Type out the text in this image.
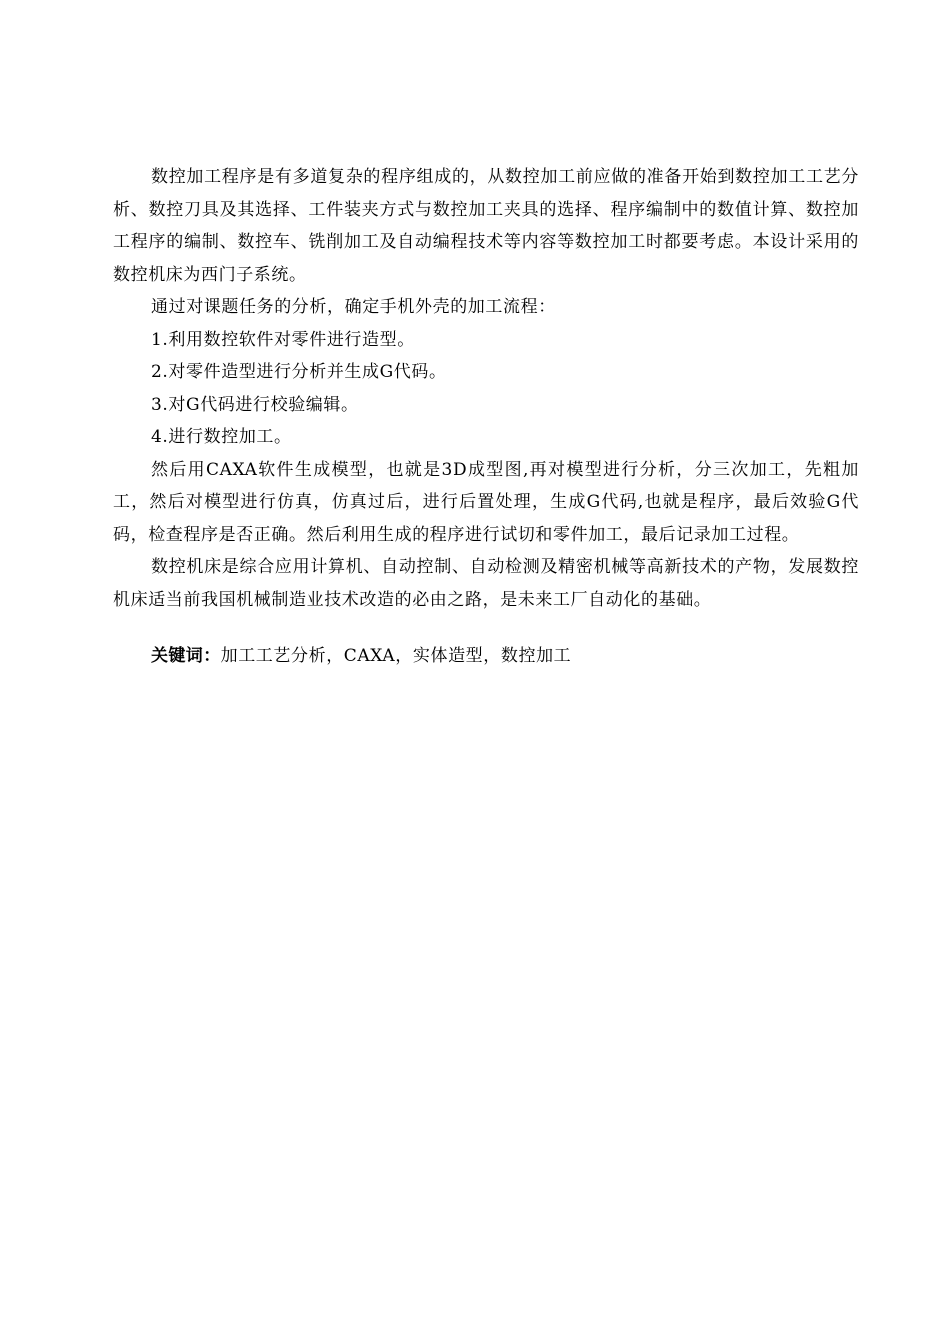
数控加工程序是有多道复杂的程序组成的，从数控加工前应做的准备开始到数控加工工艺分析、数控刀具及其选择、工件装夹方式与数控加工夹具的选择、程序编制中的数值计算、数控加工程序的编制、数控车、铣削加工及自动编程技术等内容等数控加工时都要考虑。本设计采用的数控机床为西门子系统。

通过对课题任务的分析，确定手机外壳的加工流程：

1.利用数控软件对零件进行造型。

2.对零件造型进行分析并生成G代码。

3.对G代码进行校验编辑。

4.进行数控加工。

然后用CAXA软件生成模型，也就是3D成型图,再对模型进行分析，分三次加工，先粗加工，然后对模型进行仿真，仿真过后，进行后置处理，生成G代码,也就是程序，最后效验G代码，检查程序是否正确。然后利用生成的程序进行试切和零件加工，最后记录加工过程。

数控机床是综合应用计算机、自动控制、自动检测及精密机械等高新技术的产物，发展数控机床适当前我国机械制造业技术改造的必由之路，是未来工厂自动化的基础。

关键词：加工工艺分析，CAXA，实体造型，数控加工
